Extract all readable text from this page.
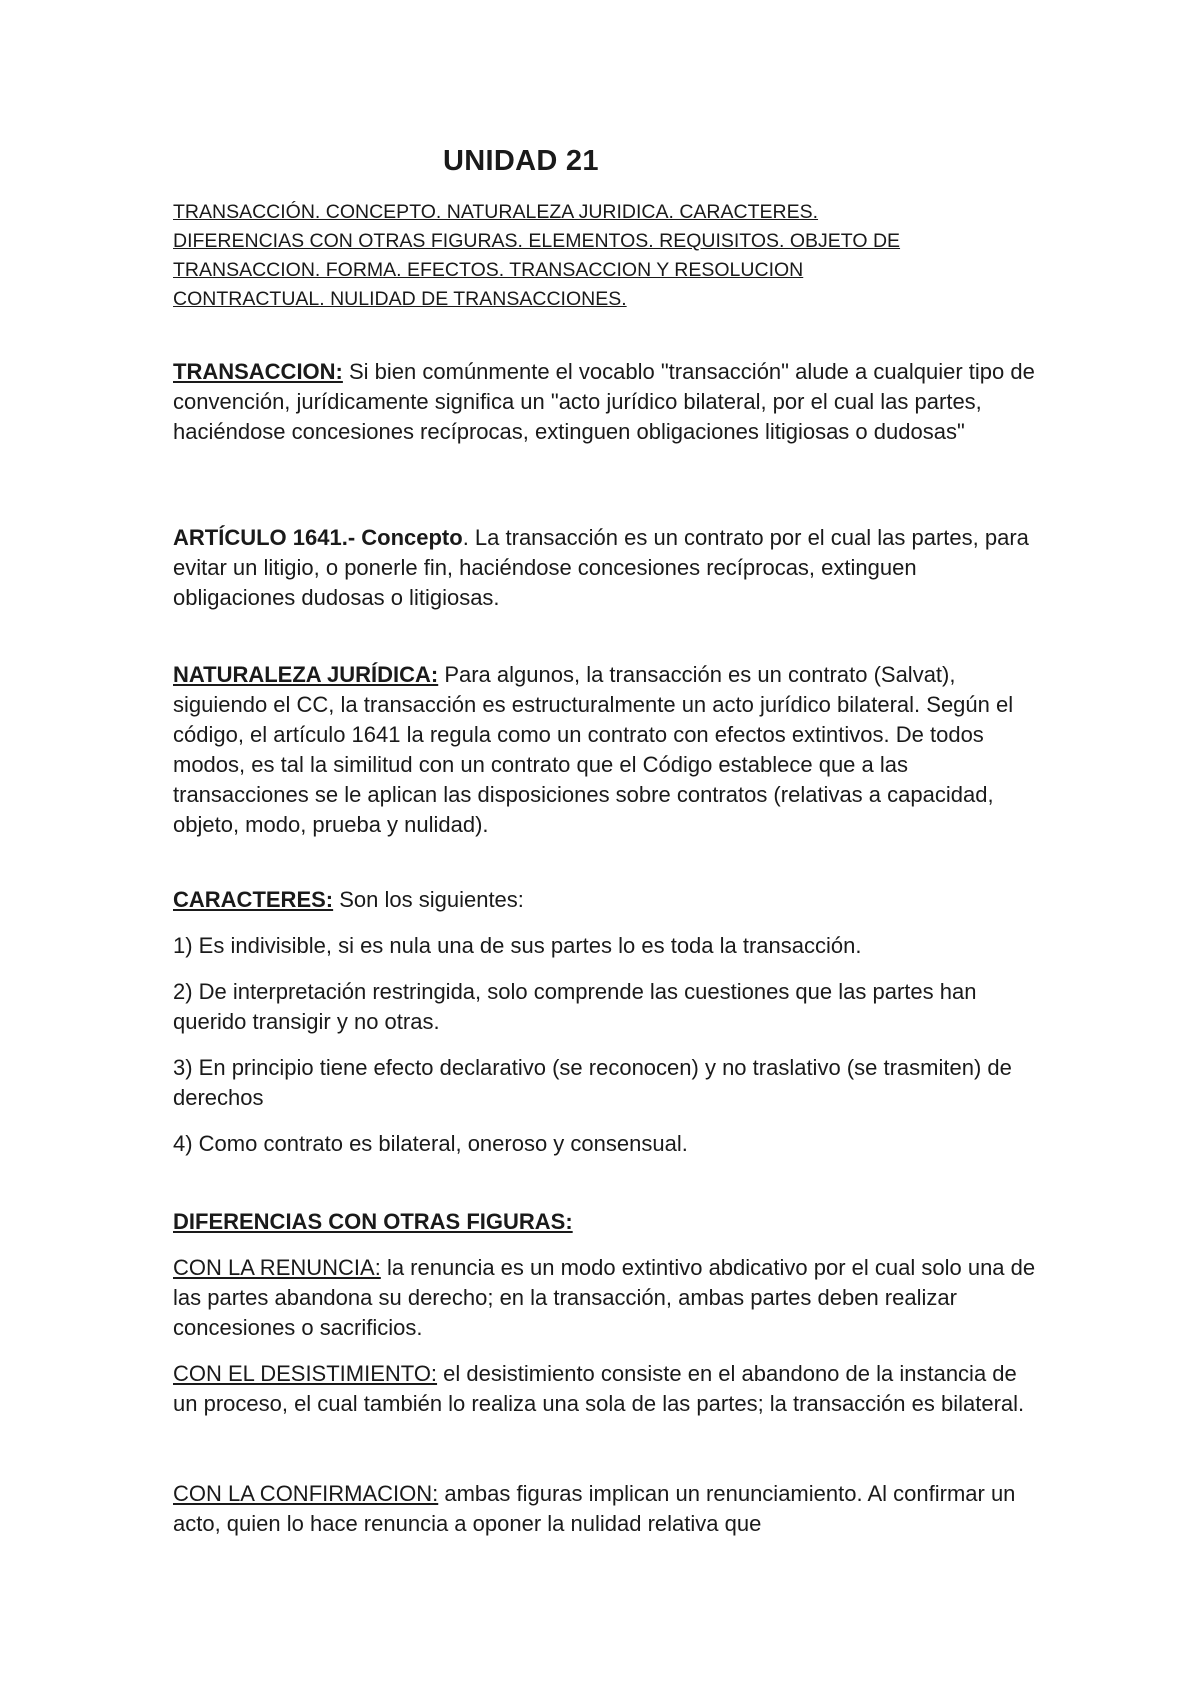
UNIDAD 21
TRANSACCIÓN. CONCEPTO. NATURALEZA JURIDICA. CARACTERES.
DIFERENCIAS CON OTRAS FIGURAS. ELEMENTOS. REQUISITOS. OBJETO DE
TRANSACCION. FORMA. EFECTOS. TRANSACCION Y RESOLUCION
CONTRACTUAL. NULIDAD DE TRANSACCIONES.

TRANSACCION: Si bien comúnmente el vocablo "transacción" alude a cualquier tipo de convención, jurídicamente significa un "acto jurídico bilateral, por el cual las partes, haciéndose concesiones recíprocas, extinguen obligaciones litigiosas o dudosas"

ARTÍCULO 1641.- Concepto. La transacción es un contrato por el cual las partes, para evitar un litigio, o ponerle fin, haciéndose concesiones recíprocas, extinguen obligaciones dudosas o litigiosas.

NATURALEZA JURÍDICA: Para algunos, la transacción es un contrato (Salvat), siguiendo el CC, la transacción es estructuralmente un acto jurídico bilateral. Según el código, el artículo 1641 la regula como un contrato con efectos extintivos. De todos modos, es tal la similitud con un contrato que el Código establece que a las transacciones se le aplican las disposiciones sobre contratos (relativas a capacidad, objeto, modo, prueba y nulidad).

CARACTERES: Son los siguientes:

1) Es indivisible, si es nula una de sus partes lo es toda la transacción.

2) De interpretación restringida, solo comprende las cuestiones que las partes han querido transigir y no otras.

3) En principio tiene efecto declarativo (se reconocen) y no traslativo (se trasmiten) de derechos

4) Como contrato es bilateral, oneroso y consensual.

DIFERENCIAS CON OTRAS FIGURAS:

CON LA RENUNCIA: la renuncia es un modo extintivo abdicativo por el cual solo una de las partes abandona su derecho; en la transacción, ambas partes deben realizar concesiones o sacrificios.

CON EL DESISTIMIENTO: el desistimiento consiste en el abandono de la instancia de un proceso, el cual también lo realiza una sola de las partes; la transacción es bilateral.

CON LA CONFIRMACION: ambas figuras implican un renunciamiento. Al confirmar un acto, quien lo hace renuncia a oponer la nulidad relativa que
